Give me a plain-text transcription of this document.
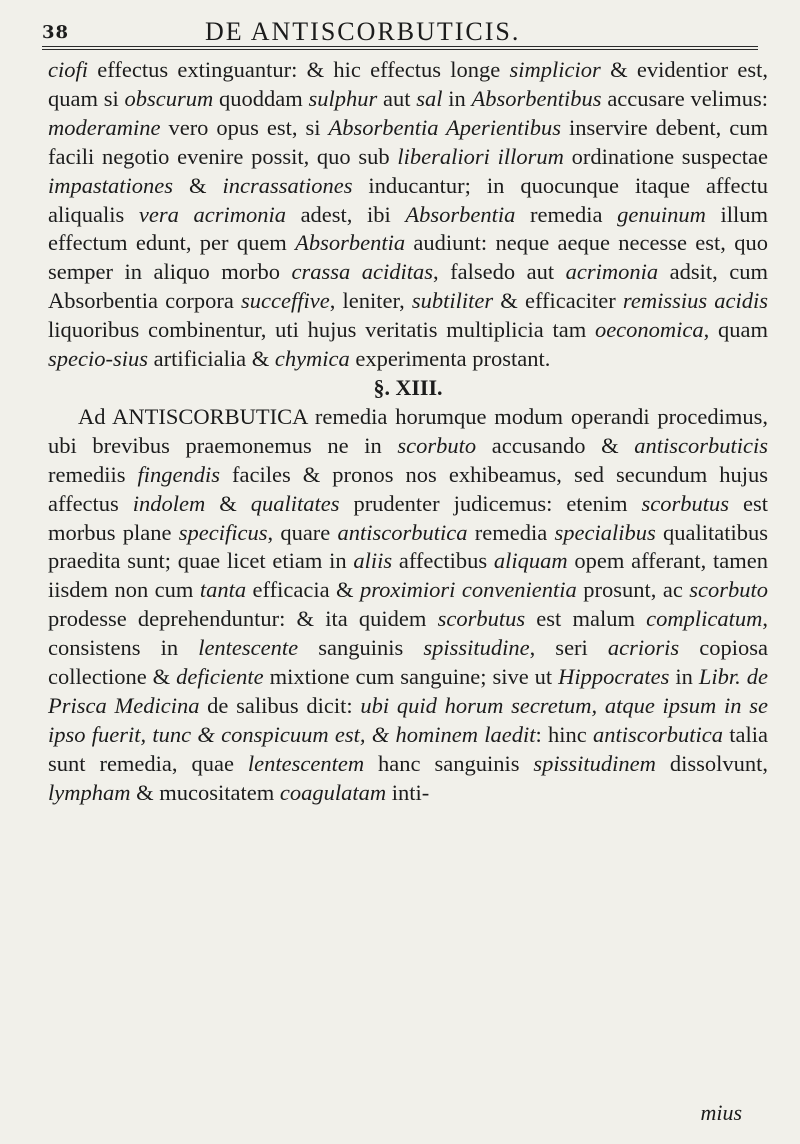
38	DE ANTISCORBUTICIS.

ciofi effectus extinguantur: & hic effectus longe simplicior & evidentior est, quam si obscurum quoddam sulphur aut sal in Absorbentibus accusare velimus: moderamine vero opus est, si Absorbentia Aperientibus inservire debent, cum facili negotio evenire possit, quo sub liberaliori illorum ordinatione suspectae impastationes & incrassationes inducantur; in quocunque itaque affectu aliqualis vera acrimonia adest, ibi Absorbentia remedia genuinum illum effectum edunt, per quem Absorbentia audiunt: neque aeque necesse est, quo semper in aliquo morbo crassa aciditas, falsedo aut acrimonia adsit, cum Absorbentia corpora succeffive, leniter, subtiliter & efficaciter remissius acidis liquoribus combinentur, uti hujus veritatis multiplicia tam oeconomica, quam specio-sius artificialia & chymica experimenta prostant.

§. XIII.

Ad ANTISCORBUTICA remedia horumque modum operandi procedimus, ubi brevibus praemonemus ne in scorbuto accusando & antiscorbuticis remediis fingendis faciles & pronos nos exhibeamus, sed secundum hujus affectus indolem & qualitates prudenter judicemus: etenim scorbutus est morbus plane specificus, quare antiscorbutica remedia specialibus qualitatibus praedita sunt; quae licet etiam in aliis affectibus aliquam opem afferant, tamen iisdem non cum tanta efficacia & proximiori convenientia prosunt, ac scorbuto prodesse deprehenduntur: & ita quidem scorbutus est malum complicatum, consistens in lentescente sanguinis spissitudine, seri acrioris copiosa collectione & deficiente mixtione cum sanguine; sive ut Hippocrates in Libr. de Prisca Medicina de salibus dicit: ubi quid horum secretum, atque ipsum in se ipso fuerit, tunc & conspicuum est, & hominem laedit: hinc antiscorbutica talia sunt remedia, quae lentescentem hanc sanguinis spissitudinem dissolvunt, lympham & mucositatem coagulatam inti-

mius
